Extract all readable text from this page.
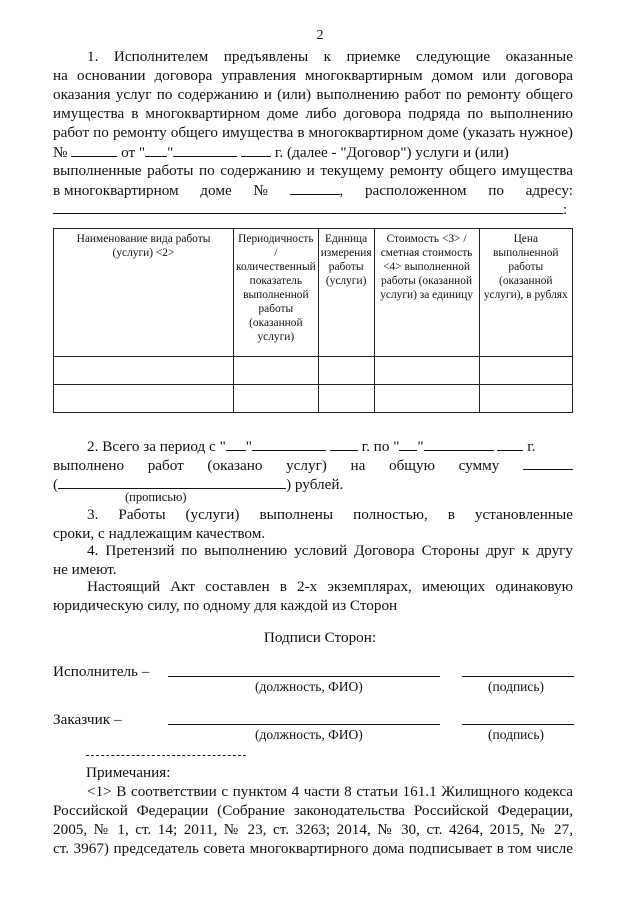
2
1. Исполнителем предъявлены к приемке следующие оказанные
на основании договора управления многоквартирным домом или договора
оказания услуг по содержанию и (или) выполнению работ по ремонту общего
имущества в многоквартирном доме либо договора подряда по выполнению
работ по ремонту общего имущества в многоквартирном доме (указать нужное)
№	от " "	г. (далее - "Договор") услуги и (или)
выполненные работы по содержанию и текущему ремонту общего имущества
в многоквартирном доме №	, расположенном по адресу:
:
Наименование вида работы (услуги) <2>	Периодичность / количественный показатель выполненной работы (оказанной услуги)	Единица измерения работы (услуги)	Стоимость <3> / сметная стоимость <4> выполненной работы (оказанной услуги) за единицу	Цена выполненной работы (оказанной услуги), в рублях

2. Всего за период с " "	г. по " "	г.
выполнено работ (оказано услуг) на общую сумму
(	) рублей.
(прописью)
3. Работы (услуги) выполнены полностью, в установленные
сроки, с надлежащим качеством.
4. Претензий по выполнению условий Договора Стороны друг к другу
не имеют.
Настоящий Акт составлен в 2-х экземплярах, имеющих одинаковую
юридическую силу, по одному для каждой из Сторон
Подписи Сторон:
Исполнитель –
(должность, ФИО)	(подпись)
Заказчик –
(должность, ФИО)	(подпись)
Примечания:
<1> В соответствии с пунктом 4 части 8 статьи 161.1 Жилищного кодекса
Российской Федерации (Собрание законодательства Российской Федерации,
2005, № 1, ст. 14; 2011, № 23, ст. 3263; 2014, № 30, ст. 4264, 2015, № 27,
ст. 3967) председатель совета многоквартирного дома подписывает в том числе
